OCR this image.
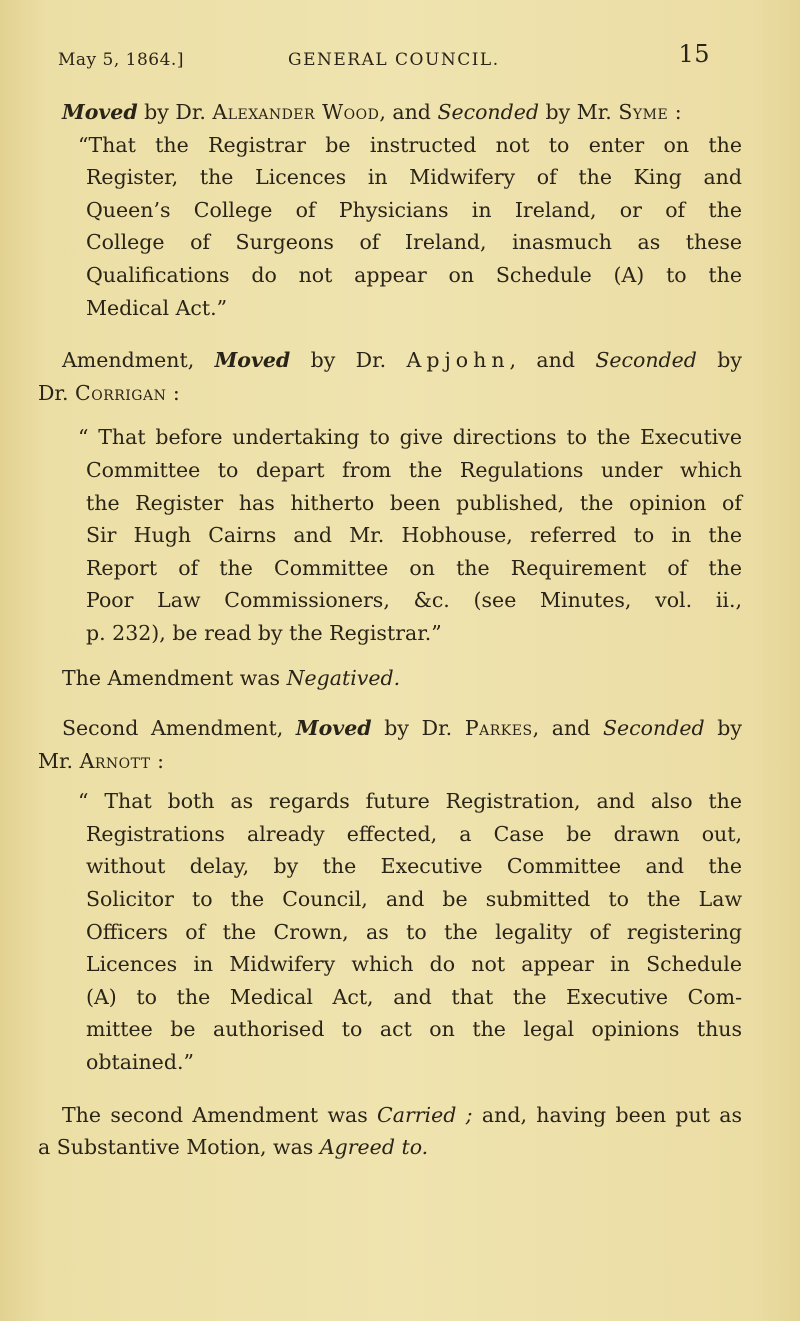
May 5, 1864.]	GENERAL COUNCIL.	15

Moved by Dr. Alexander Wood, and Seconded by Mr. Syme :

“That the Registrar be instructed not to enter on the

Register, the Licences in Midwifery of the King and

Queen’s College of Physicians in Ireland, or of the

College of Surgeons of Ireland, inasmuch as these

Qualifications do not appear on Schedule (A) to the

Medical Act.”

Amendment, Moved by Dr. Apjohn, and Seconded by

Dr. Corrigan :

“ That before undertaking to give directions to the Executive

Committee to depart from the Regulations under which

the Register has hitherto been published, the opinion of

Sir Hugh Cairns and Mr. Hobhouse, referred to in the

Report of the Committee on the Requirement of the

Poor Law Commissioners, &c. (see Minutes, vol. ii.,

p. 232), be read by the Registrar.”

The Amendment was Negatived.

Second Amendment, Moved by Dr. Parkes, and Seconded by

Mr. Arnott :

“ That both as regards future Registration, and also the

Registrations already effected, a Case be drawn out,

without delay, by the Executive Committee and the

Solicitor to the Council, and be submitted to the Law

Officers of the Crown, as to the legality of registering

Licences in Midwifery which do not appear in Schedule

(A) to the Medical Act, and that the Executive Com-

mittee be authorised to act on the legal opinions thus

obtained.”

The second Amendment was Carried ; and, having been put as

a Substantive Motion, was Agreed to.
